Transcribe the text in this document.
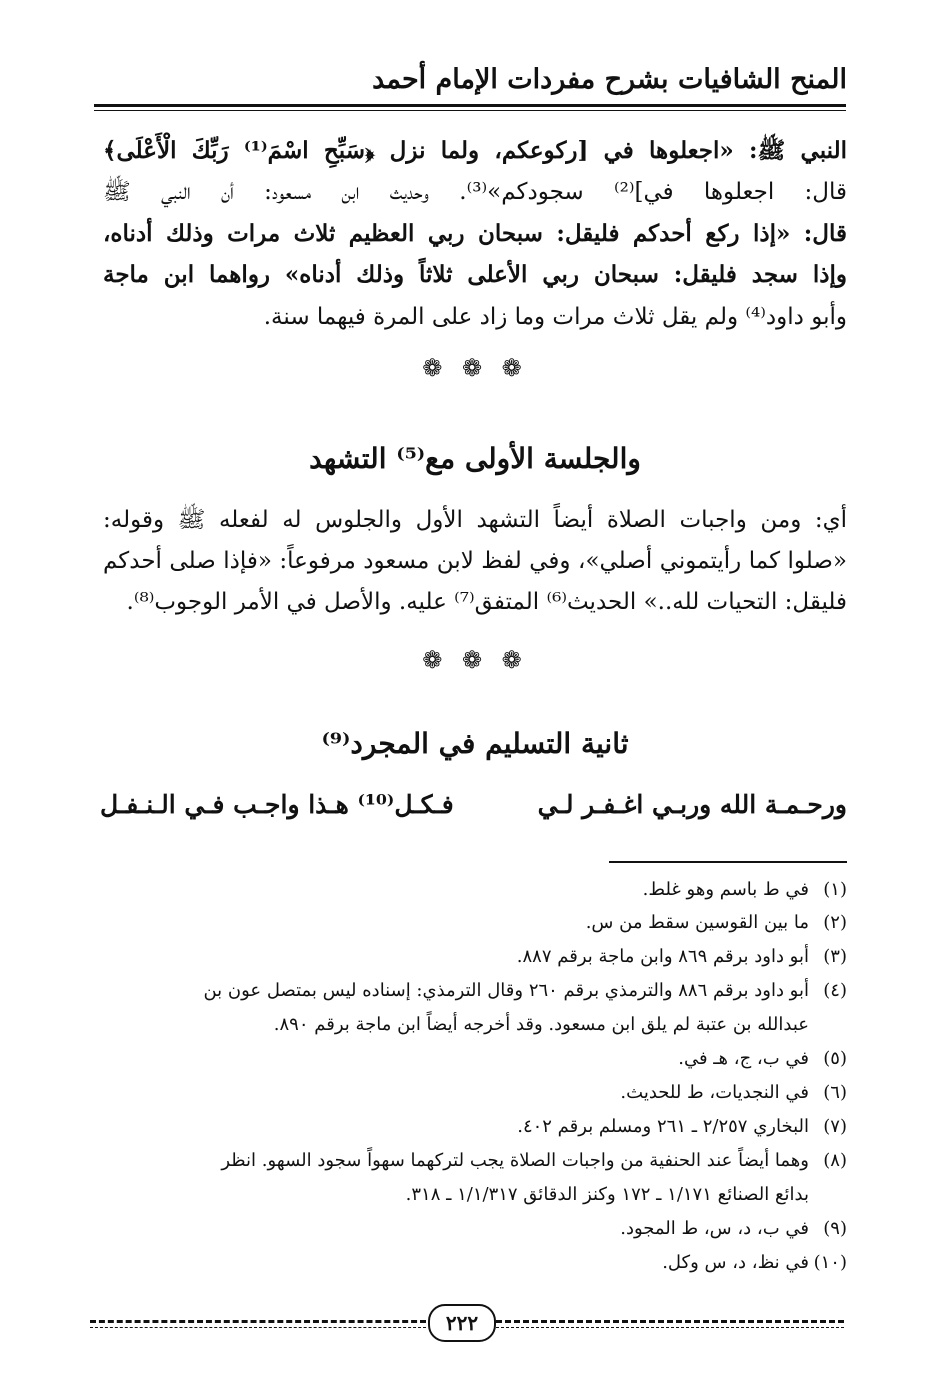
المنح الشافيات بشرح مفردات الإمام أحمد
النبي ﷺ: «اجعلوها في [ركوعكم، ولما نزل ﴿سَبِّحِ اسْمَ⁽¹⁾ رَبِّكَ الْأَعْلَى﴾
قال: اجعلوها في]⁽²⁾ سجودكم»⁽³⁾. وحديث ابن مسعود: أن النبي ﷺ
قال: «إذا ركع أحدكم فليقل: سبحان ربي العظيم ثلاث مرات وذلك أدناه،
وإذا سجد فليقل: سبحان ربي الأعلى ثلاثاً وذلك أدناه» رواهما ابن ماجة
وأبو داود⁽⁴⁾ ولم يقل ثلاث مرات وما زاد على المرة فيهما سنة.
❁ ❁ ❁
والجلسة الأولى مع⁽⁵⁾ التشهد
أي: ومن واجبات الصلاة أيضاً التشهد الأول والجلوس له لفعله ﷺ وقوله:
«صلوا كما رأيتموني أصلي»، وفي لفظ لابن مسعود مرفوعاً: «فإذا صلى أحدكم
فليقل: التحيات لله..» الحديث⁽⁶⁾ المتفق⁽⁷⁾ عليه. والأصل في الأمر الوجوب⁽⁸⁾.
❁ ❁ ❁
ثانية التسليم في المجرد⁽⁹⁾
ورحـمـة الله وربـي اغـفـر لـي
فـكـل⁽¹⁰⁾ هـذا واجـب فـي الـنـفـل
(١)في ط باسم وهو غلط.
(٢)ما بين القوسين سقط من س.
(٣)أبو داود برقم ٨٦٩ وابن ماجة برقم ٨٨٧.
(٤)أبو داود برقم ٨٨٦ والترمذي برقم ٢٦٠ وقال الترمذي: إسناده ليس بمتصل عون بن
عبدالله بن عتبة لم يلق ابن مسعود. وقد أخرجه أيضاً ابن ماجة برقم ٨٩٠.
(٥)في ب، ج، هـ في.
(٦)في النجديات، ط للحديث.
(٧)البخاري ٢/٢٥٧ ـ ٢٦١ ومسلم برقم ٤٠٢.
(٨)وهما أيضاً عند الحنفية من واجبات الصلاة يجب لتركهما سهواً سجود السهو. انظر
بدائع الصنائع ١/١٧١ ـ ١٧٢ وكنز الدقائق ١/١/٣١٧ ـ ٣١٨.
(٩)في ب، د، س، ط المجود.
(١٠)في نظ، د، س وكل.
٢٢٢
